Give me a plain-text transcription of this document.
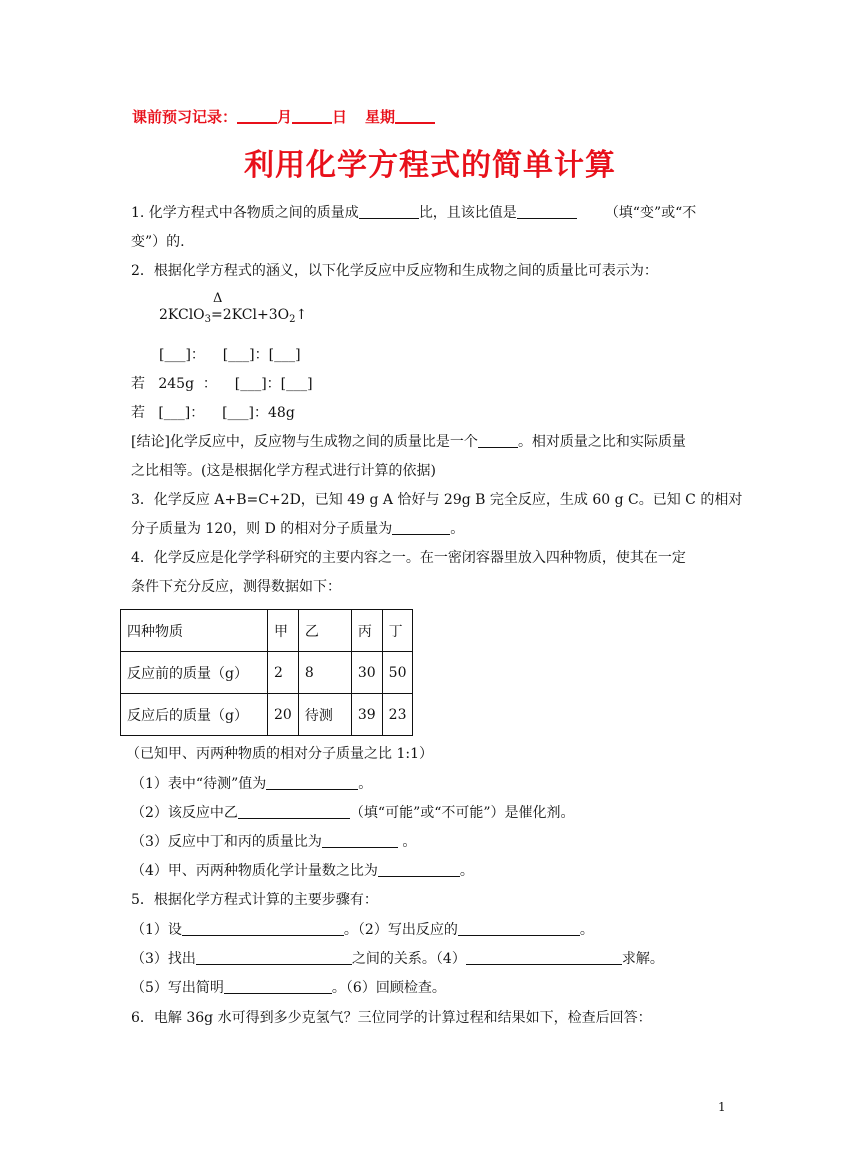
课前预习记录：	月	日 星期
利用化学方程式的简单计算
1. 化学方程式中各物质之间的质量成	比，且该比值是	（填“变”或“不
变”）的.
2．根据化学方程式的涵义，以下化学反应中反应物和生成物之间的质量比可表示为：
2KClO$_3$
Δ
$=2KCl+3O_2↑$
[___]：    [___]：[___]
若   245g  ：    [___]：[___]
若   [___]：    [___]：48g
[结论]化学反应中，反应物与生成物之间的质量比是一个	。相对质量之比和实际质量
之比相等。(这是根据化学方程式进行计算的依据)
3．化学反应 A+B=C+2D，已知 49 g A 恰好与 29g B 完全反应，生成 60 g C。已知 C 的相对
分子质量为 120，则 D 的相对分子质量为	。
4．化学反应是化学学科研究的主要内容之一。在一密闭容器里放入四种物质，使其在一定
条件下充分反应，测得数据如下：
四种物质	甲	乙	丙	丁
反应前的质量（g）	2	8	30	50
反应后的质量（g）	20	待测	39	23
（已知甲、丙两种物质的相对分子质量之比 1:1）
（1）表中“待测”值为	。
（2）该反应中乙	（填“可能”或“不可能”）是催化剂。
（3）反应中丁和丙的质量比为	。
（4）甲、丙两种物质化学计量数之比为	。
5．根据化学方程式计算的主要步骤有：
（1）设	。（2）写出反应的	。
（3）找出	之间的关系。（4）	求解。
（5）写出简明	。（6）回顾检查。
6．电解 36g 水可得到多少克氢气？三位同学的计算过程和结果如下，检查后回答：
1
